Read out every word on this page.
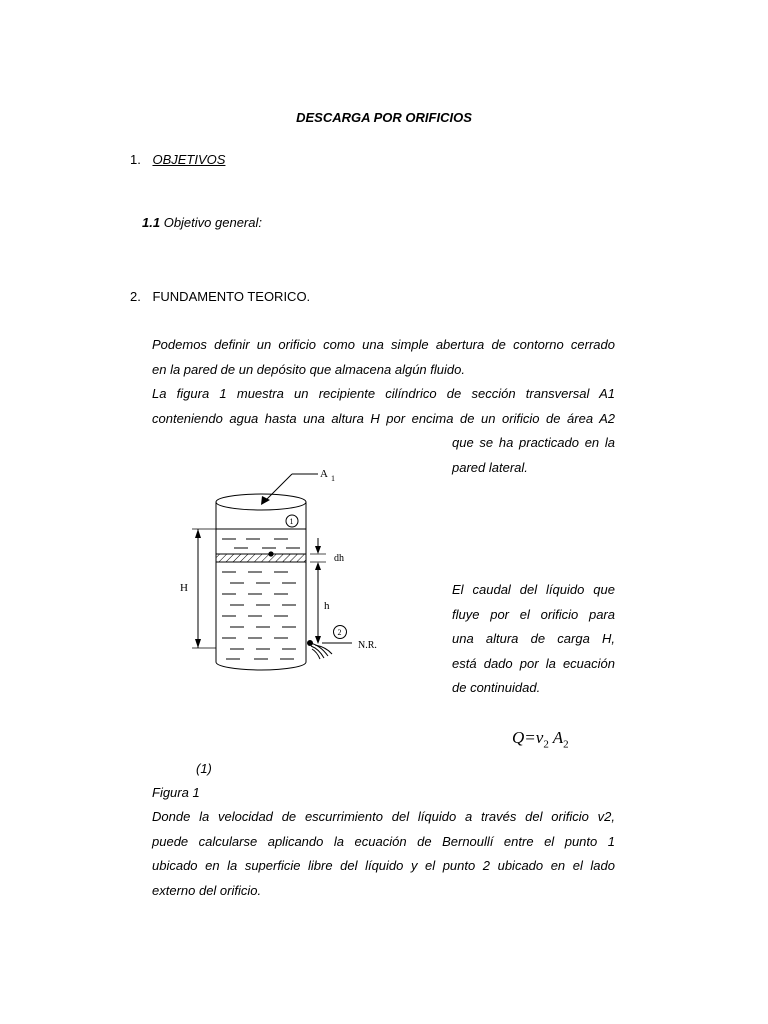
DESCARGA POR ORIFICIOS
1. OBJETIVOS
1.1 Objetivo general:
2. FUNDAMENTO TEORICO.
Podemos definir un orificio como una simple abertura de contorno cerrado
en la pared de un depósito que almacena algún fluido.
La figura 1 muestra un recipiente cilíndrico de sección transversal A1
conteniendo agua hasta una altura H por encima de un orificio de área A2
que se ha practicado en la
pared lateral.
A 1
1
H
dh
h
2
N.R.
El caudal del líquido que
fluye por el orificio para
una altura de carga H,
está dado por la ecuación
de continuidad.
$Q=v_2$ $A_2$
(1)
Figura 1
Donde la velocidad de escurrimiento del líquido a través del orificio v2,
puede calcularse aplicando la ecuación de Bernoullí entre el punto 1
ubicado en la superficie libre del líquido y el punto 2 ubicado en el lado
externo del orificio.
